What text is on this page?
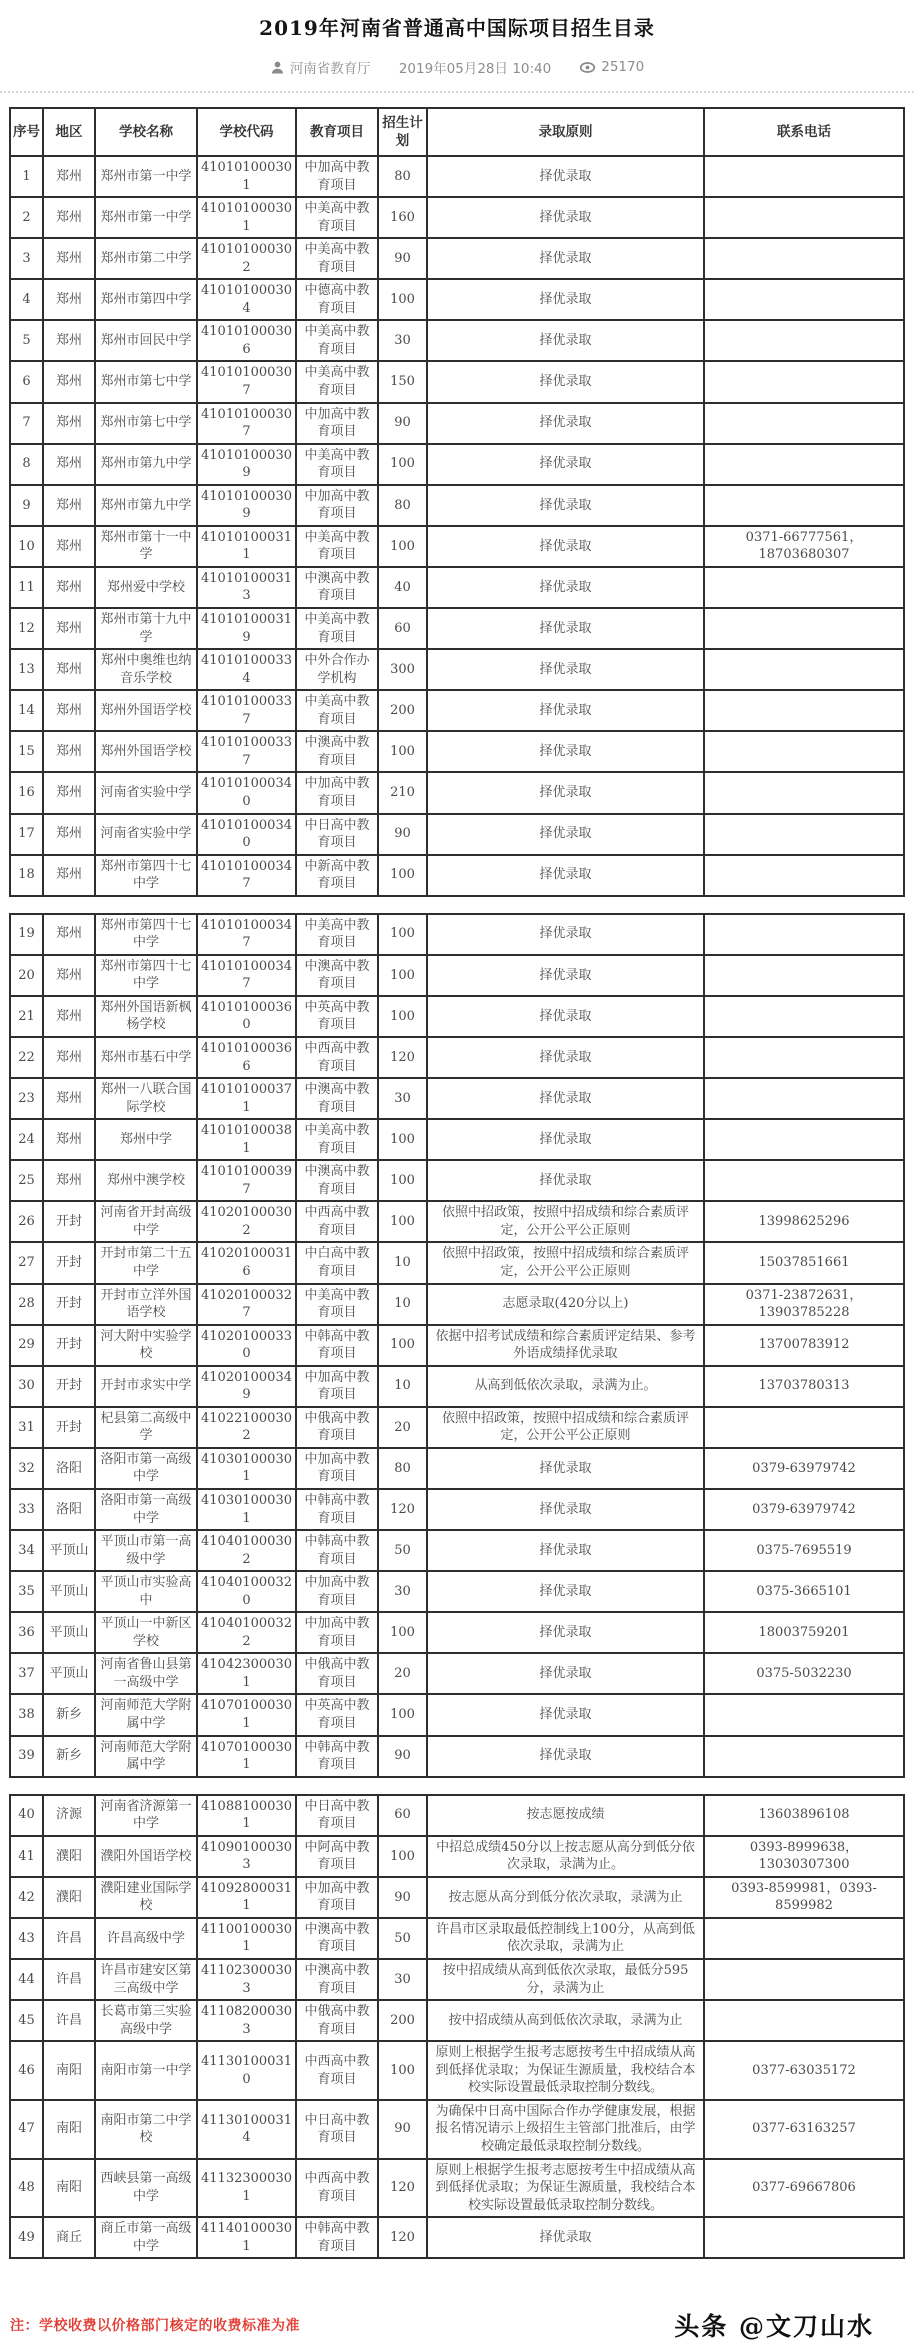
2019年河南省普通高中国际项目招生目录
河南省教育厅 2019年05月28日 10:40	25170
序号	地区	学校名称	学校代码	教育项目	招生计划	录取原则	联系电话
1	郑州	郑州市第一中学	410101000301	中加高中教育项目	80	择优录取	
2	郑州	郑州市第一中学	410101000301	中美高中教育项目	160	择优录取	
3	郑州	郑州市第二中学	410101000302	中美高中教育项目	90	择优录取	
4	郑州	郑州市第四中学	410101000304	中德高中教育项目	100	择优录取	
5	郑州	郑州市回民中学	410101000306	中美高中教育项目	30	择优录取	
6	郑州	郑州市第七中学	410101000307	中美高中教育项目	150	择优录取	
7	郑州	郑州市第七中学	410101000307	中加高中教育项目	90	择优录取	
8	郑州	郑州市第九中学	410101000309	中美高中教育项目	100	择优录取	
9	郑州	郑州市第九中学	410101000309	中加高中教育项目	80	择优录取	
10	郑州	郑州市第十一中学	410101000311	中美高中教育项目	100	择优录取	0371-66777561，18703680307
11	郑州	郑州爱中学校	410101000313	中澳高中教育项目	40	择优录取	
12	郑州	郑州市第十九中学	410101000319	中美高中教育项目	60	择优录取	
13	郑州	郑州中奥维也纳音乐学校	410101000334	中外合作办学机构	300	择优录取	
14	郑州	郑州外国语学校	410101000337	中美高中教育项目	200	择优录取	
15	郑州	郑州外国语学校	410101000337	中澳高中教育项目	100	择优录取	
16	郑州	河南省实验中学	410101000340	中加高中教育项目	210	择优录取	
17	郑州	河南省实验中学	410101000340	中日高中教育项目	90	择优录取	
18	郑州	郑州市第四十七中学	410101000347	中新高中教育项目	100	择优录取	
19	郑州	郑州市第四十七中学	410101000347	中美高中教育项目	100	择优录取	
20	郑州	郑州市第四十七中学	410101000347	中澳高中教育项目	100	择优录取	
21	郑州	郑州外国语新枫杨学校	410101000360	中英高中教育项目	100	择优录取	
22	郑州	郑州市基石中学	410101000366	中西高中教育项目	120	择优录取	
23	郑州	郑州一八联合国际学校	410101000371	中澳高中教育项目	30	择优录取	
24	郑州	郑州中学	410101000381	中美高中教育项目	100	择优录取	
25	郑州	郑州中澳学校	410101000397	中澳高中教育项目	100	择优录取	
26	开封	河南省开封高级中学	410201000302	中西高中教育项目	100	依照中招政策，按照中招成绩和综合素质评定，公开公平公正原则	13998625296
27	开封	开封市第二十五中学	410201000316	中白高中教育项目	10	依照中招政策，按照中招成绩和综合素质评定，公开公平公正原则	15037851661
28	开封	开封市立洋外国语学校	410201000327	中美高中教育项目	10	志愿录取(420分以上)	0371-23872631，13903785228
29	开封	河大附中实验学校	410201000330	中韩高中教育项目	100	依据中招考试成绩和综合素质评定结果、参考外语成绩择优录取	13700783912
30	开封	开封市求实中学	410201000349	中加高中教育项目	10	从高到低依次录取，录满为止。	13703780313
31	开封	杞县第二高级中学	410221000302	中俄高中教育项目	20	依照中招政策，按照中招成绩和综合素质评定，公开公平公正原则	
32	洛阳	洛阳市第一高级中学	410301000301	中加高中教育项目	80	择优录取	0379-63979742
33	洛阳	洛阳市第一高级中学	410301000301	中韩高中教育项目	120	择优录取	0379-63979742
34	平顶山	平顶山市第一高级中学	410401000302	中韩高中教育项目	50	择优录取	0375-7695519
35	平顶山	平顶山市实验高中	410401000320	中加高中教育项目	30	择优录取	0375-3665101
36	平顶山	平顶山一中新区学校	410401000322	中加高中教育项目	100	择优录取	18003759201
37	平顶山	河南省鲁山县第一高级中学	410423000301	中俄高中教育项目	20	择优录取	0375-5032230
38	新乡	河南师范大学附属中学	410701000301	中英高中教育项目	100	择优录取	
39	新乡	河南师范大学附属中学	410701000301	中韩高中教育项目	90	择优录取	
40	济源	河南省济源第一中学	410881000301	中日高中教育项目	60	按志愿按成绩	13603896108
41	濮阳	濮阳外国语学校	410901000303	中阿高中教育项目	100	中招总成绩450分以上按志愿从高分到低分依次录取，录满为止。	0393-8999638，13030307300
42	濮阳	濮阳建业国际学校	410928000311	中加高中教育项目	90	按志愿从高分到低分依次录取，录满为止	0393-8599981，0393-8599982
43	许昌	许昌高级中学	411001000301	中澳高中教育项目	50	许昌市区录取最低控制线上100分，从高到低依次录取，录满为止	
44	许昌	许昌市建安区第三高级中学	411023000303	中澳高中教育项目	30	按中招成绩从高到低依次录取，最低分595分，录满为止	
45	许昌	长葛市第三实验高级中学	411082000303	中俄高中教育项目	200	按中招成绩从高到低依次录取，录满为止	
46	南阳	南阳市第一中学	411301000310	中西高中教育项目	100	原则上根据学生报考志愿按考生中招成绩从高到低择优录取；为保证生源质量，我校结合本校实际设置最低录取控制分数线。	0377-63035172
47	南阳	南阳市第二中学校	411301000314	中日高中教育项目	90	为确保中日高中国际合作办学健康发展，根据报名情况请示上级招生主管部门批准后，由学校确定最低录取控制分数线。	0377-63163257
48	南阳	西峡县第一高级中学	411323000301	中西高中教育项目	120	原则上根据学生报考志愿按考生中招成绩从高到低择优录取；为保证生源质量，我校结合本校实际设置最低录取控制分数线。	0377-69667806
49	商丘	商丘市第一高级中学	411401000301	中韩高中教育项目	120	择优录取	
注：学校收费以价格部门核定的收费标准为准	头条 @文刀山水
